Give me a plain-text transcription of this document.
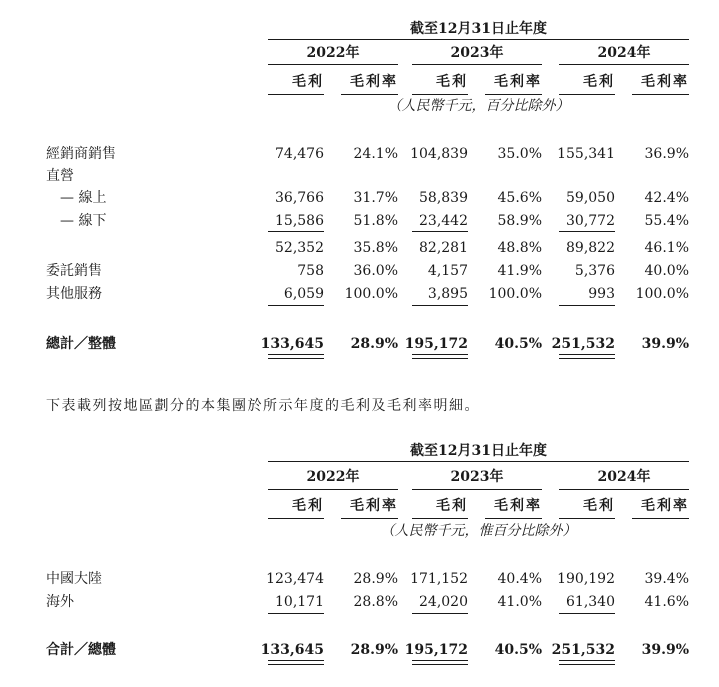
截至12月31日止年度
2022年	2023年	2024年
毛利	毛利率	毛利	毛利率	毛利	毛利率
（人民幣千元，百分比除外）
經銷商銷售	74,476	24.1% 104,839	35.0%	155,341	36.9%
直營
— 線上	36,766	31.7%	58,839	45.6%	59,050	42.4%
— 線下	15,586	51.8%	23,442	58.9%	30,772	55.4%
52,352	35.8%	82,281	48.8%	89,822	46.1%
委託銷售	758	36.0%	4,157	41.9%	5,376	40.0%
其他服務	6,059	100.0%	3,895	100.0%	993	100.0%
總計／整體	133,645	28.9% 195,172	40.5% 251,532	39.9%
下表載列按地區劃分的本集團於所示年度的毛利及毛利率明細。
截至12月31日止年度
2022年	2023年	2024年
毛利	毛利率	毛利	毛利率	毛利	毛利率
（人民幣千元，惟百分比除外）
中國大陸	123,474	28.9% 171,152	40.4%	190,192	39.4%
海外	10,171	28.8%	24,020	41.0%	61,340	41.6%
合計／總體	133,645	28.9% 195,172	40.5% 251,532	39.9%
